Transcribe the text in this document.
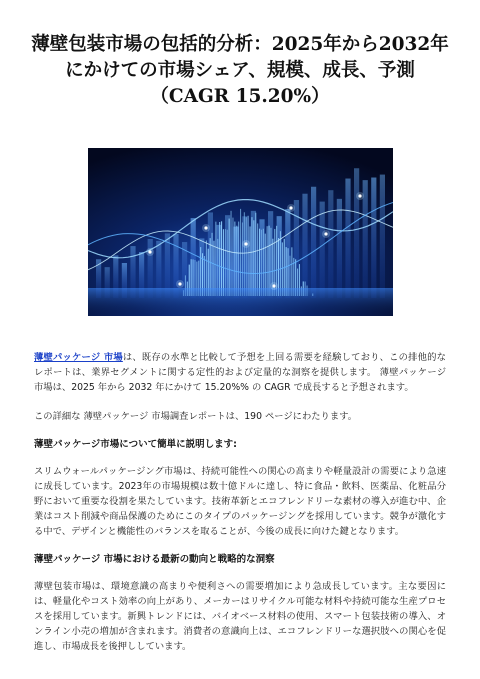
薄壁包装市場の包括的分析：2025年から2032年
にかけての市場シェア、規模、成長、予測
（CAGR 15.20%）

薄壁パッケージ 市場は、既存の水準と比較して予想を上回る需要を経験しており、この排他的なレポートは、業界セグメントに関する定性的および定量的な洞察を提供します。 薄壁パッケージ 市場は、2025 年から 2032 年にかけて 15.20%% の CAGR で成長すると予想されます。

この詳細な 薄壁パッケージ 市場調査レポートは、190 ページにわたります。

薄壁パッケージ市場について簡単に説明します:

スリムウォールパッケージング市場は、持続可能性への関心の高まりや軽量設計の需要により急速に成長しています。2023年の市場規模は数十億ドルに達し、特に食品・飲料、医薬品、化粧品分野において重要な役割を果たしています。技術革新とエコフレンドリーな素材の導入が進む中、企業はコスト削減や商品保護のためにこのタイプのパッケージングを採用しています。競争が激化する中で、デザインと機能性のバランスを取ることが、今後の成長に向けた鍵となります。

薄壁パッケージ 市場における最新の動向と戦略的な洞察

薄壁包装市場は、環境意識の高まりや便利さへの需要増加により急成長しています。主な要因には、軽量化やコスト効率の向上があり、メーカーはリサイクル可能な材料や持続可能な生産プロセスを採用しています。新興トレンドには、バイオベース材料の使用、スマート包装技術の導入、オンライン小売の増加が含まれます。消費者の意識向上は、エコフレンドリーな選択肢への関心を促進し、市場成長を後押ししています。
